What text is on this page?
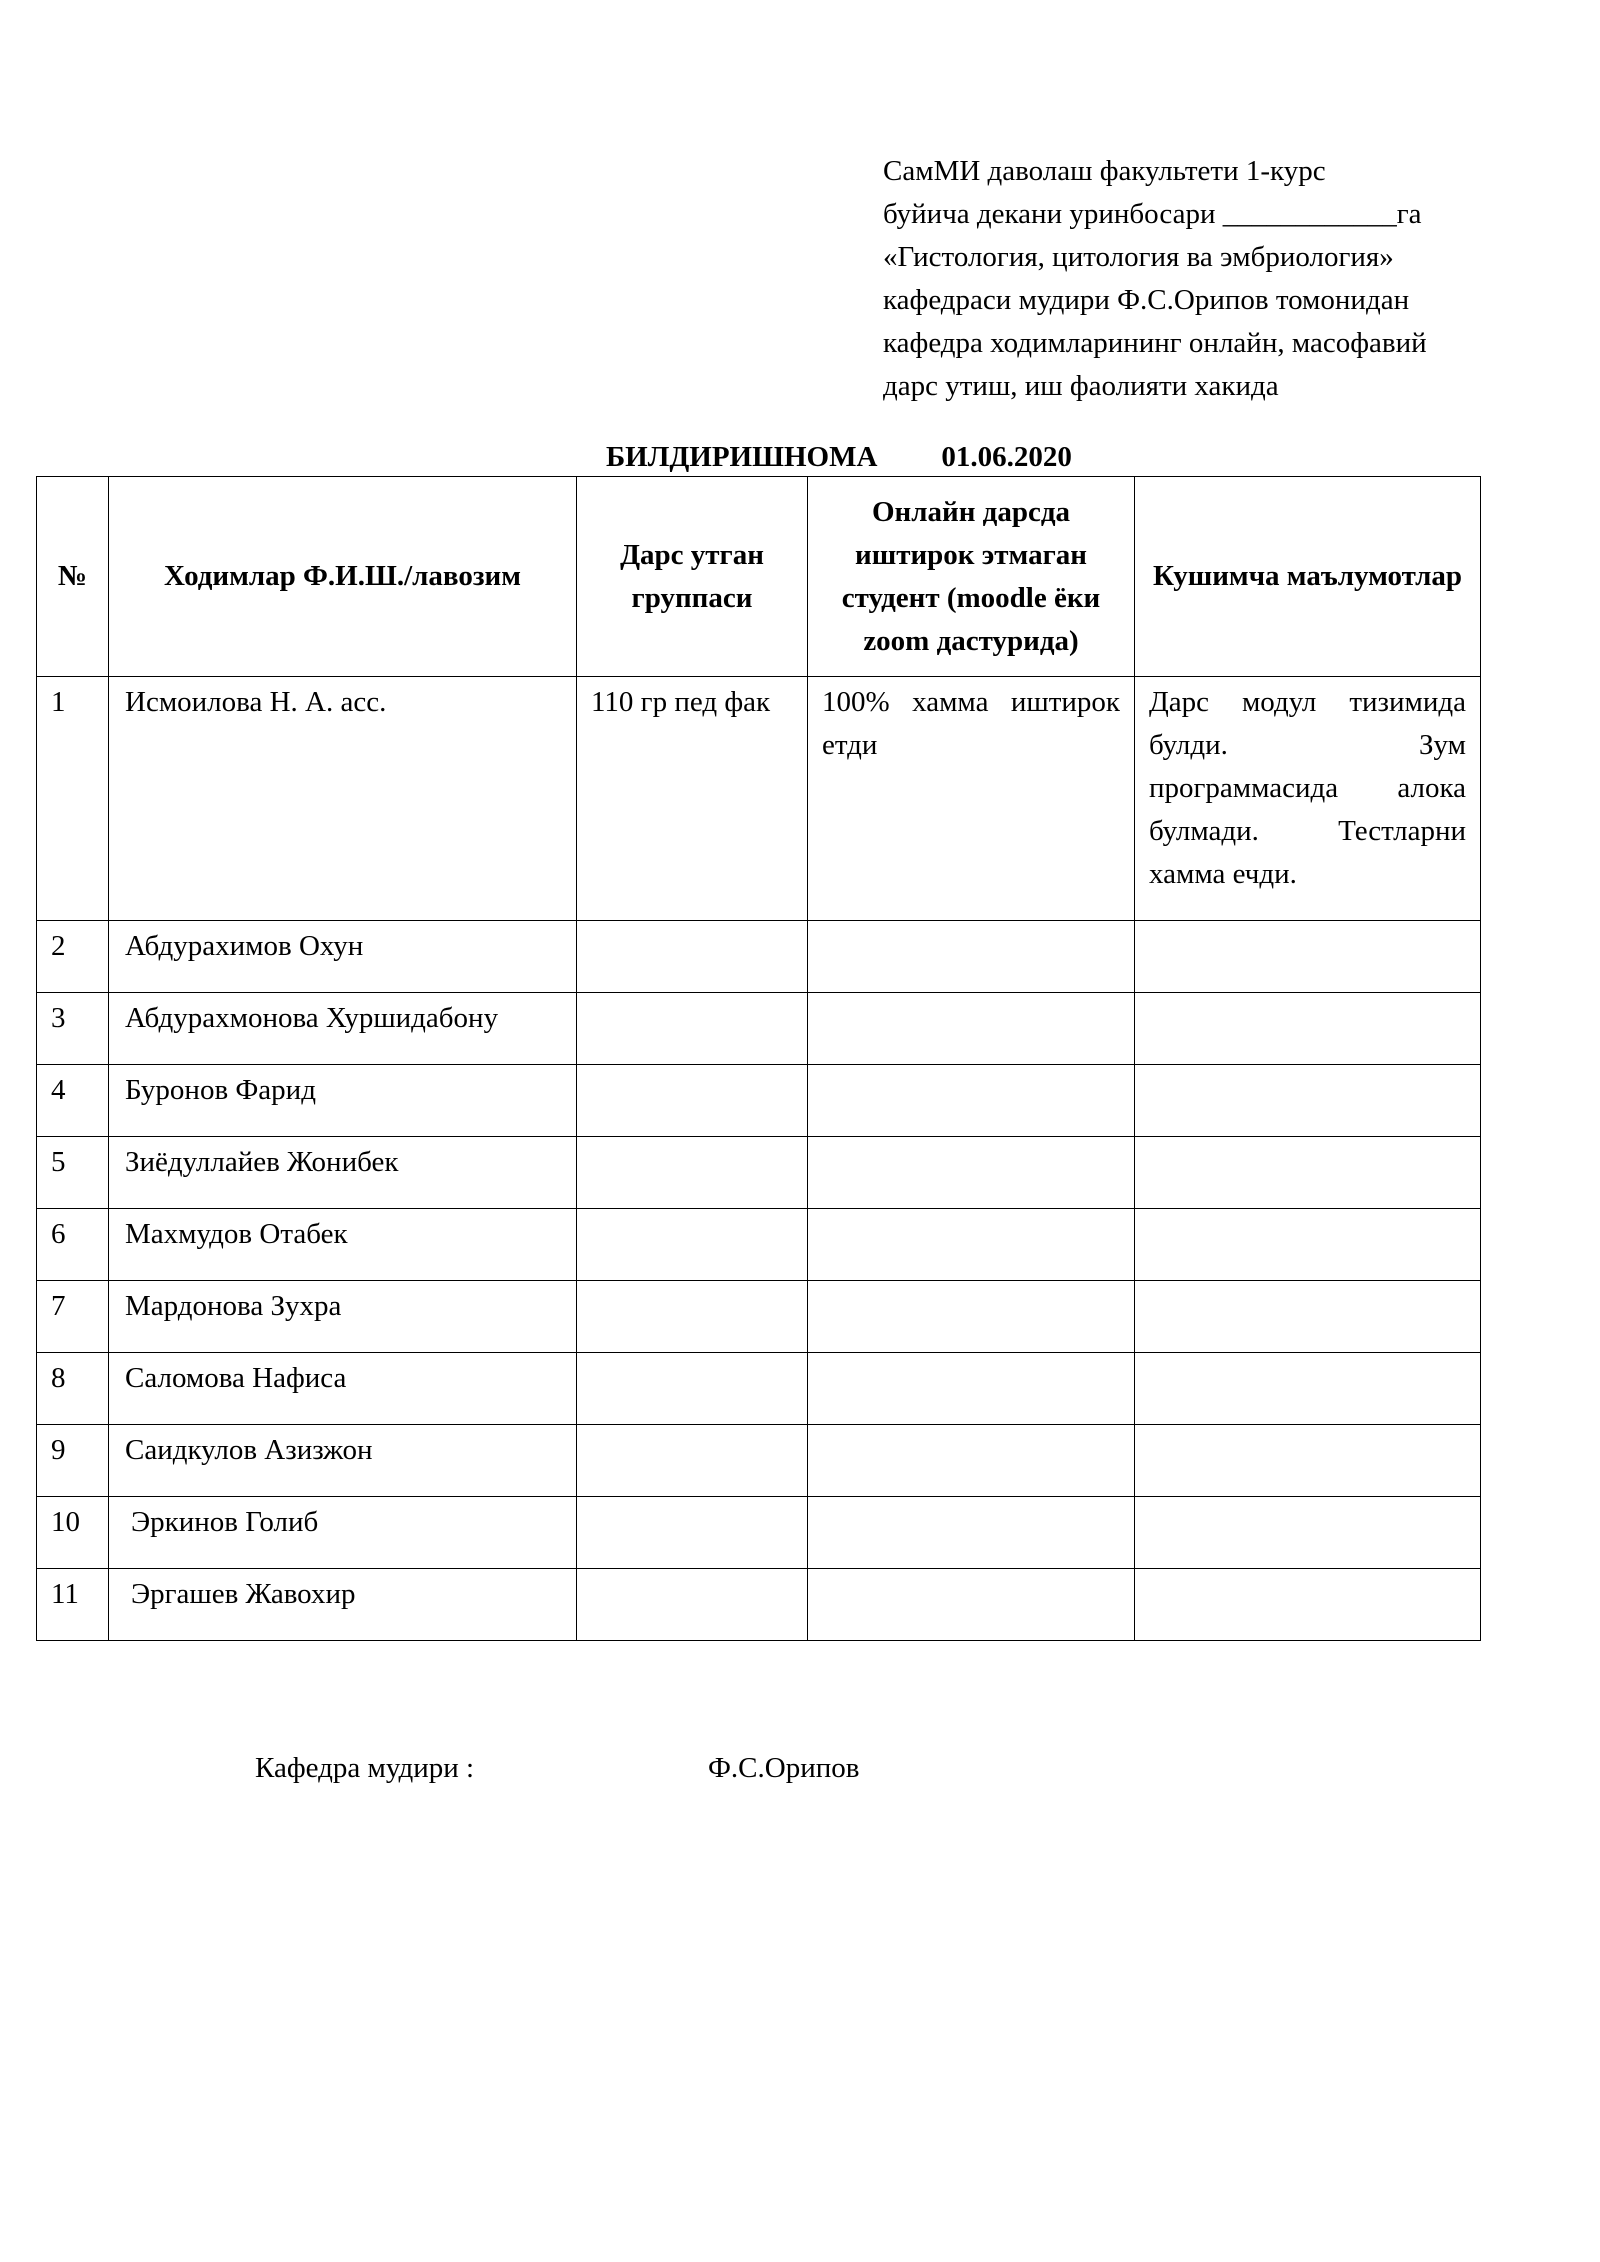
СамМИ даволаш факультети 1-курс
буйича декани уринбосари ____________га
«Гистология, цитология ва эмбриология»
кафедраси мудири Ф.С.Орипов томонидан
кафедра ходимларининг онлайн, масофавий
дарс утиш, иш фаолияти хакида
БИЛДИРИШНОМА 01.06.2020
№	Ходимлар Ф.И.Ш./лавозим	Дарс утган группаси	Онлайн дарсда иштирок этмаган студент (moodle ёки zoom дастурида)	Кушимча маълумотлар
1	Исмоилова Н. А. асс.	110 гр пед фак	100% хамма иштирок етди	Дарс модул тизимида булди. Зум программасида алока булмади. Тестларни хамма ечди.
2	Абдурахимов Охун			
3	Абдурахмонова Хуршидабону			
4	Буронов Фарид			
5	Зиёдуллайев Жонибек			
6	Махмудов Отабек			
7	Мардонова Зухра			
8	Саломова Нафиса			
9	Саидкулов Азизжон			
10	Эркинов Голиб			
11	Эргашев Жавохир			
Кафедра мудири :	Ф.С.Орипов
